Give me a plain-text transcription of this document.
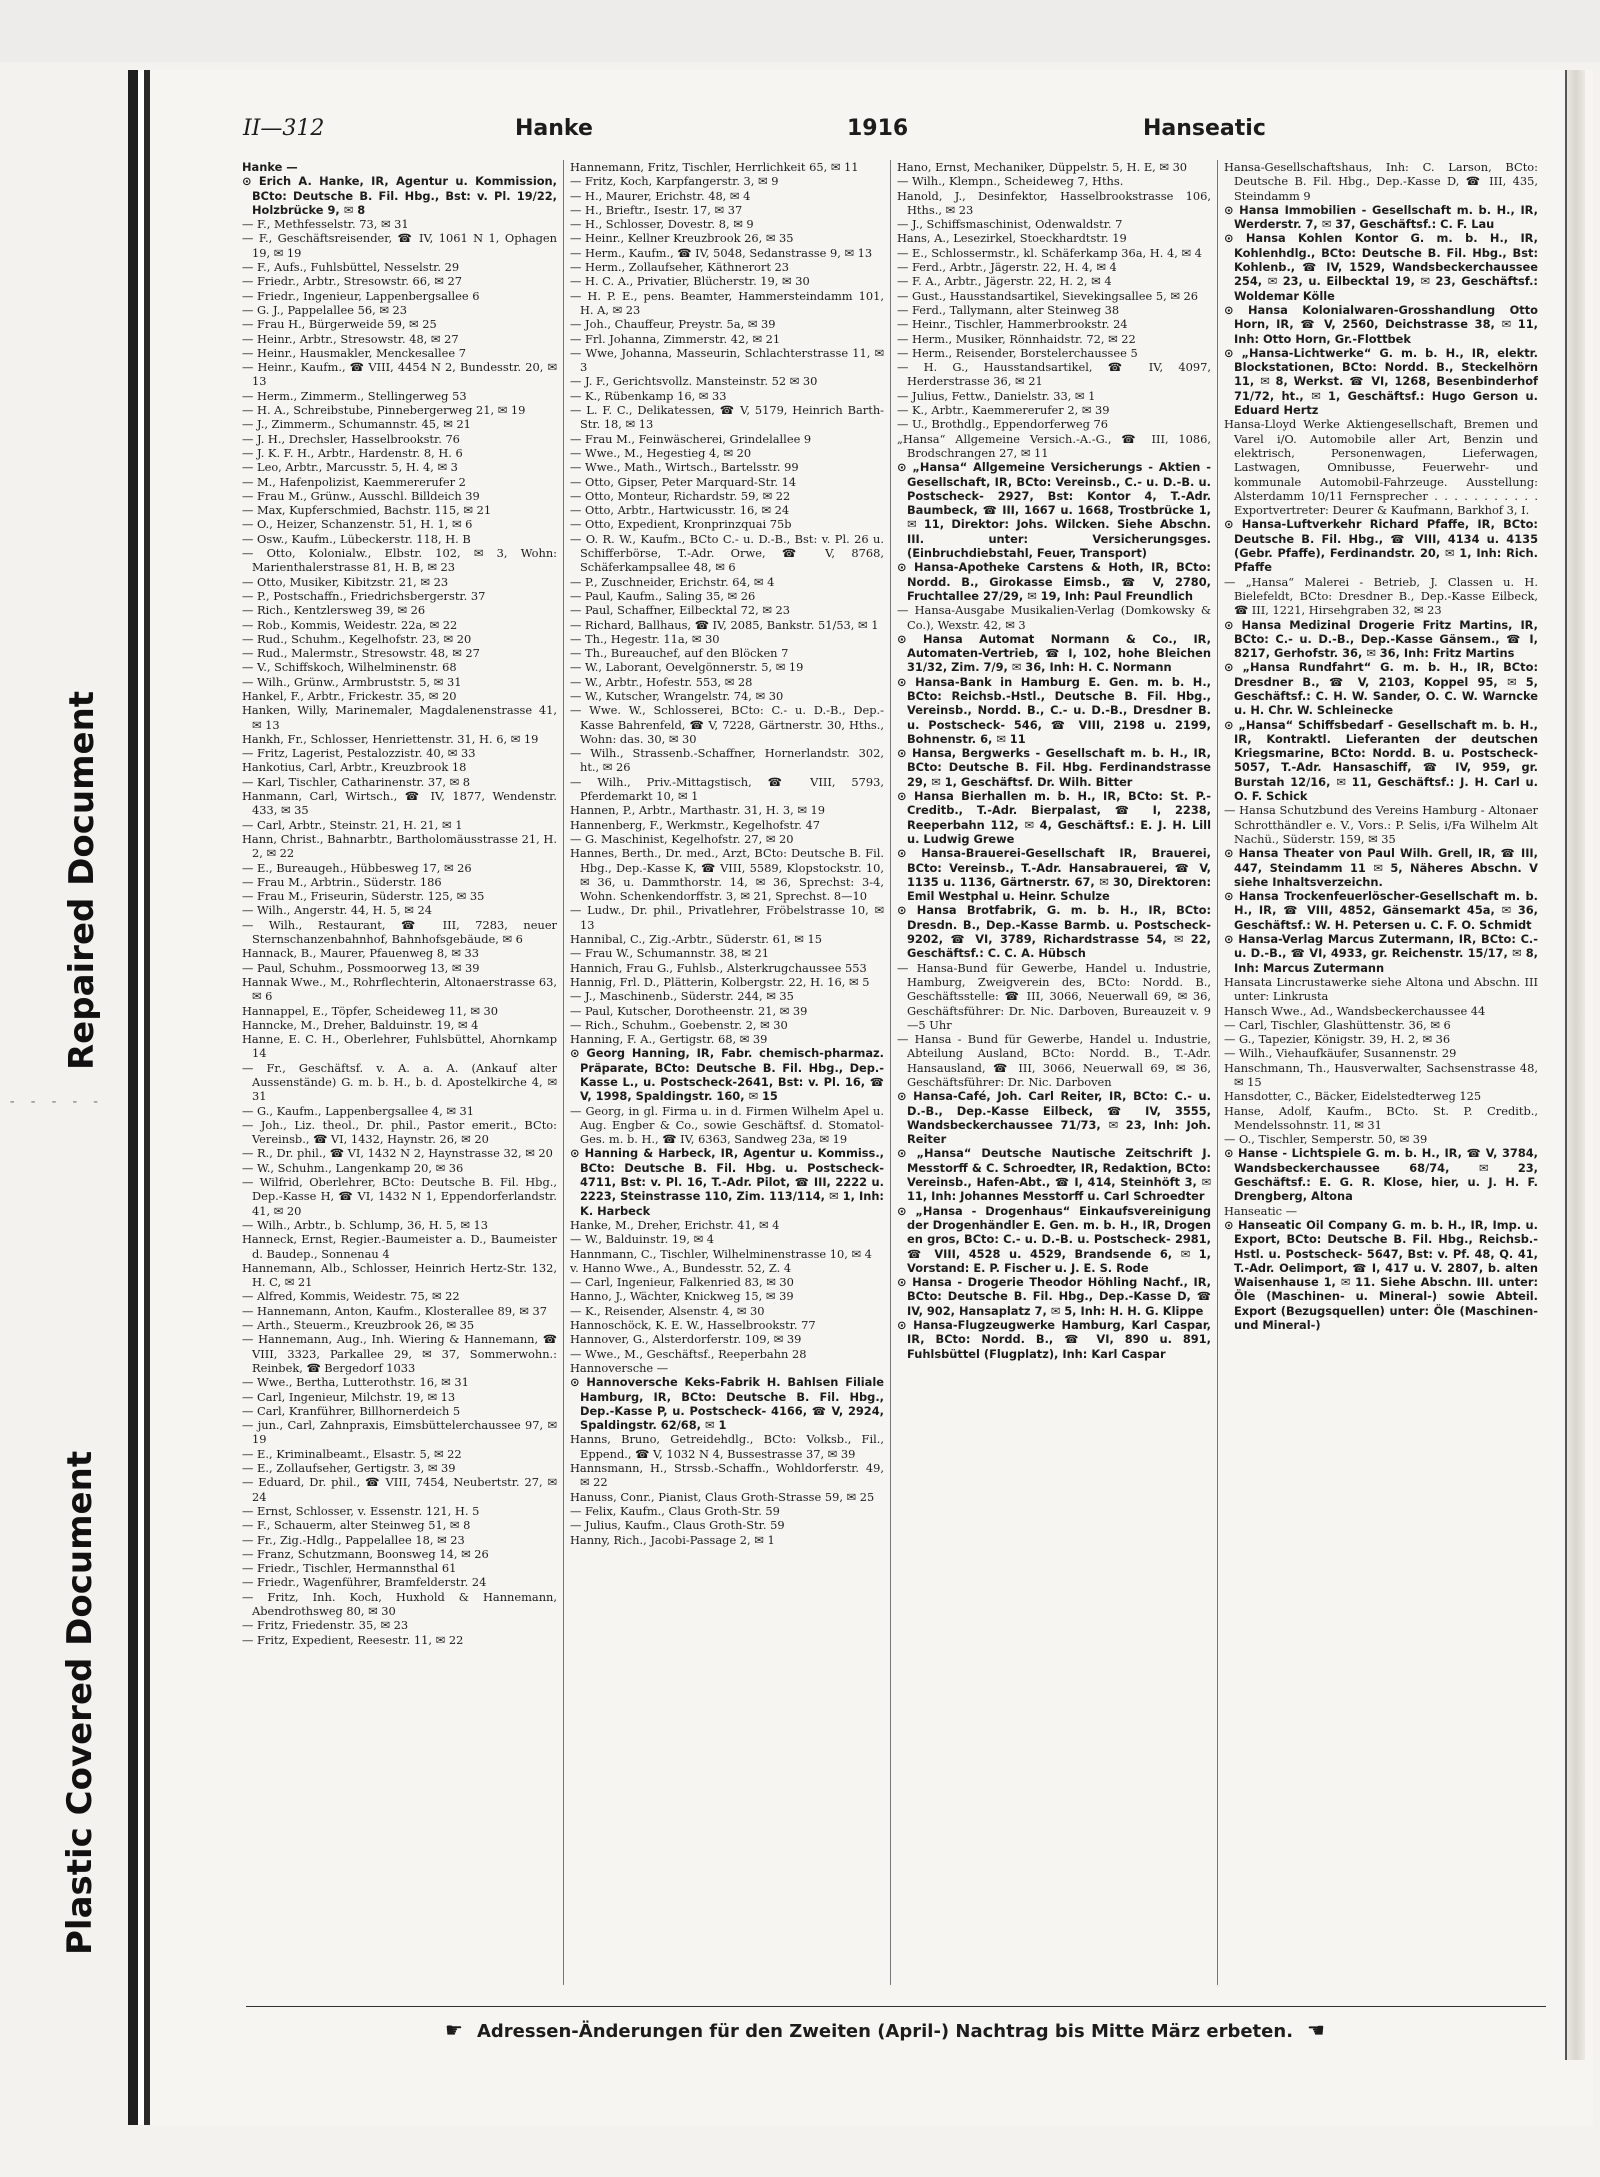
- - - - -
Repaired Document
Plastic Covered Document
II—312	Hanke	1916	Hanseatic

Hanke —

⊙ Erich A. Hanke, IR, Agentur u. Kommission, BCto: Deutsche B. Fil. Hbg., Bst: v. Pl. 19/22, Holzbrücke 9, ✉ 8

— F., Methfesselstr. 73, ✉ 31

— F., Geschäftsreisender, ☎ IV, 1061 N 1, Ophagen 19, ✉ 19

— F., Aufs., Fuhlsbüttel, Nesselstr. 29

— Friedr., Arbtr., Stresowstr. 66, ✉ 27

— Friedr., Ingenieur, Lappenbergsallee 6

— G. J., Pappelallee 56, ✉ 23

— Frau H., Bürgerweide 59, ✉ 25

— Heinr., Arbtr., Stresowstr. 48, ✉ 27

— Heinr., Hausmakler, Menckesallee 7

— Heinr., Kaufm., ☎ VIII, 4454 N 2, Bundesstr. 20, ✉ 13

— Herm., Zimmerm., Stellingerweg 53

— H. A., Schreibstube, Pinnebergerweg 21, ✉ 19

— J., Zimmerm., Schumannstr. 45, ✉ 21

— J. H., Drechsler, Hasselbrookstr. 76

— J. K. F. H., Arbtr., Hardenstr. 8, H. 6

— Leo, Arbtr., Marcusstr. 5, H. 4, ✉ 3

— M., Hafenpolizist, Kaemmererufer 2

— Frau M., Grünw., Ausschl. Billdeich 39

— Max, Kupferschmied, Bachstr. 115, ✉ 21

— O., Heizer, Schanzenstr. 51, H. 1, ✉ 6

— Osw., Kaufm., Lübeckerstr. 118, H. B

— Otto, Kolonialw., Elbstr. 102, ✉ 3, Wohn: Marienthalerstrasse 81, H. B, ✉ 23

— Otto, Musiker, Kibitzstr. 21, ✉ 23

— P., Postschaffn., Friedrichsbergerstr. 37

— Rich., Kentzlersweg 39, ✉ 26

— Rob., Kommis, Weidestr. 22a, ✉ 22

— Rud., Schuhm., Kegelhofstr. 23, ✉ 20

— Rud., Malermstr., Stresowstr. 48, ✉ 27

— V., Schiffskoch, Wilhelminenstr. 68

— Wilh., Grünw., Armbruststr. 5, ✉ 31

Hankel, F., Arbtr., Frickestr. 35, ✉ 20

Hanken, Willy, Marinemaler, Magdalenenstrasse 41, ✉ 13

Hankh, Fr., Schlosser, Henriettenstr. 31, H. 6, ✉ 19

— Fritz, Lagerist, Pestalozzistr. 40, ✉ 33

Hankotius, Carl, Arbtr., Kreuzbrook 18

— Karl, Tischler, Catharinenstr. 37, ✉ 8

Hanmann, Carl, Wirtsch., ☎ IV, 1877, Wendenstr. 433, ✉ 35

— Carl, Arbtr., Steinstr. 21, H. 21, ✉ 1

Hann, Christ., Bahnarbtr., Bartholomäusstrasse 21, H. 2, ✉ 22

— E., Bureaugeh., Hübbesweg 17, ✉ 26

— Frau M., Arbtrin., Süderstr. 186

— Frau M., Friseurin, Süderstr. 125, ✉ 35

— Wilh., Angerstr. 44, H. 5, ✉ 24

— Wilh., Restaurant, ☎ III, 7283, neuer Sternschanzenbahnhof, Bahnhofsgebäude, ✉ 6

Hannack, B., Maurer, Pfauenweg 8, ✉ 33

— Paul, Schuhm., Possmoorweg 13, ✉ 39

Hannak Wwe., M., Rohrflechterin, Altonaerstrasse 63, ✉ 6

Hannappel, E., Töpfer, Scheideweg 11, ✉ 30

Hanncke, M., Dreher, Balduinstr. 19, ✉ 4

Hanne, E. C. H., Oberlehrer, Fuhlsbüttel, Ahornkamp 14

— Fr., Geschäftsf. v. A. a. A. (Ankauf alter Aussenstände) G. m. b. H., b. d. Apostelkirche 4, ✉ 31

— G., Kaufm., Lappenbergsallee 4, ✉ 31

— Joh., Liz. theol., Dr. phil., Pastor emerit., BCto: Vereinsb., ☎ VI, 1432, Haynstr. 26, ✉ 20

— R., Dr. phil., ☎ VI, 1432 N 2, Haynstrasse 32, ✉ 20

— W., Schuhm., Langenkamp 20, ✉ 36

— Wilfrid, Oberlehrer, BCto: Deutsche B. Fil. Hbg., Dep.-Kasse H, ☎ VI, 1432 N 1, Eppendorferlandstr. 41, ✉ 20

— Wilh., Arbtr., b. Schlump, 36, H. 5, ✉ 13

Hanneck, Ernst, Regier.-Baumeister a. D., Baumeister d. Baudep., Sonnenau 4

Hannemann, Alb., Schlosser, Heinrich Hertz-Str. 132, H. C, ✉ 21

— Alfred, Kommis, Weidestr. 75, ✉ 22

— Hannemann, Anton, Kaufm., Klosterallee 89, ✉ 37

— Arth., Steuerm., Kreuzbrook 26, ✉ 35

— Hannemann, Aug., Inh. Wiering & Hannemann, ☎ VIII, 3323, Parkallee 29, ✉ 37, Sommerwohn.: Reinbek, ☎ Bergedorf 1033

— Wwe., Bertha, Lutterothstr. 16, ✉ 31

— Carl, Ingenieur, Milchstr. 19, ✉ 13

— Carl, Kranführer, Billhornerdeich 5

— jun., Carl, Zahnpraxis, Eimsbüttelerchaussee 97, ✉ 19

— E., Kriminalbeamt., Elsastr. 5, ✉ 22

— E., Zollaufseher, Gertigstr. 3, ✉ 39

— Eduard, Dr. phil., ☎ VIII, 7454, Neubertstr. 27, ✉ 24

— Ernst, Schlosser, v. Essenstr. 121, H. 5

— F., Schauerm, alter Steinweg 51, ✉ 8

— Fr., Zig.-Hdlg., Pappelallee 18, ✉ 23

— Franz, Schutzmann, Boonsweg 14, ✉ 26

— Friedr., Tischler, Hermannsthal 61

— Friedr., Wagenführer, Bramfelderstr. 24

— Fritz, Inh. Koch, Huxhold & Hannemann, Abendrothsweg 80, ✉ 30

— Fritz, Friedenstr. 35, ✉ 23

— Fritz, Expedient, Reesestr. 11, ✉ 22

Hannemann, Fritz, Tischler, Herrlichkeit 65, ✉ 11

— Fritz, Koch, Karpfangerstr. 3, ✉ 9

— H., Maurer, Erichstr. 48, ✉ 4

— H., Brieftr., Isestr. 17, ✉ 37

— H., Schlosser, Dovestr. 8, ✉ 9

— Heinr., Kellner Kreuzbrook 26, ✉ 35

— Herm., Kaufm., ☎ IV, 5048, Sedanstrasse 9, ✉ 13

— Herm., Zollaufseher, Käthnerort 23

— H. C. A., Privatier, Blücherstr. 19, ✉ 30

— H. P. E., pens. Beamter, Hammersteindamm 101, H. A, ✉ 23

— Joh., Chauffeur, Preystr. 5a, ✉ 39

— Frl. Johanna, Zimmerstr. 42, ✉ 21

— Wwe, Johanna, Masseurin, Schlachterstrasse 11, ✉ 3

— J. F., Gerichtsvollz. Mansteinstr. 52 ✉ 30

— K., Rübenkamp 16, ✉ 33

— L. F. C., Delikatessen, ☎ V, 5179, Heinrich Barth-Str. 18, ✉ 13

— Frau M., Feinwäscherei, Grindelallee 9

— Wwe., M., Hegestieg 4, ✉ 20

— Wwe., Math., Wirtsch., Bartelsstr. 99

— Otto, Gipser, Peter Marquard-Str. 14

— Otto, Monteur, Richardstr. 59, ✉ 22

— Otto, Arbtr., Hartwicusstr. 16, ✉ 24

— Otto, Expedient, Kronprinzquai 75b

— O. R. W., Kaufm., BCto C.- u. D.-B., Bst: v. Pl. 26 u. Schifferbörse, T.-Adr. Orwe, ☎ V, 8768, Schäferkampsallee 48, ✉ 6

— P., Zuschneider, Erichstr. 64, ✉ 4

— Paul, Kaufm., Saling 35, ✉ 26

— Paul, Schaffner, Eilbecktal 72, ✉ 23

— Richard, Ballhaus, ☎ IV, 2085, Bankstr. 51/53, ✉ 1

— Th., Hegestr. 11a, ✉ 30

— Th., Bureauchef, auf den Blöcken 7

— W., Laborant, Oevelgönnerstr. 5, ✉ 19

— W., Arbtr., Hofestr. 553, ✉ 28

— W., Kutscher, Wrangelstr. 74, ✉ 30

— Wwe. W., Schlosserei, BCto: C.- u. D.-B., Dep.-Kasse Bahrenfeld, ☎ V, 7228, Gärtnerstr. 30, Hths., Wohn: das. 30, ✉ 30

— Wilh., Strassenb.-Schaffner, Hornerlandstr. 302, ht., ✉ 26

— Wilh., Priv.-Mittagstisch, ☎ VIII, 5793, Pferdemarkt 10, ✉ 1

Hannen, P., Arbtr., Marthastr. 31, H. 3, ✉ 19

Hannenberg, F., Werkmstr., Kegelhofstr. 47

— G. Maschinist, Kegelhofstr. 27, ✉ 20

Hannes, Berth., Dr. med., Arzt, BCto: Deutsche B. Fil. Hbg., Dep.-Kasse K, ☎ VIII, 5589, Klopstockstr. 10, ✉ 36, u. Dammthorstr. 14, ✉ 36, Sprechst: 3-4, Wohn. Schenkendorffstr. 3, ✉ 21, Sprechst. 8—10

— Ludw., Dr. phil., Privatlehrer, Fröbelstrasse 10, ✉ 13

Hannibal, C., Zig.-Arbtr., Süderstr. 61, ✉ 15

— Frau W., Schumannstr. 38, ✉ 21

Hannich, Frau G., Fuhlsb., Alsterkrugchaussee 553

Hannig, Frl. D., Plätterin, Kolbergstr. 22, H. 16, ✉ 5

— J., Maschinenb., Süderstr. 244, ✉ 35

— Paul, Kutscher, Dorotheenstr. 21, ✉ 39

— Rich., Schuhm., Goebenstr. 2, ✉ 30

Hanning, F. A., Gertigstr. 68, ✉ 39

⊙ Georg Hanning, IR, Fabr. chemisch-pharmaz. Präparate, BCto: Deutsche B. Fil. Hbg., Dep.-Kasse L., u. Postscheck-2641, Bst: v. Pl. 16, ☎ V, 1998, Spaldingstr. 160, ✉ 15

— Georg, in gl. Firma u. in d. Firmen Wilhelm Apel u. Aug. Engber & Co., sowie Geschäftsf. d. Stomatol-Ges. m. b. H., ☎ IV, 6363, Sandweg 23a, ✉ 19

⊙ Hanning & Harbeck, IR, Agentur u. Kommiss., BCto: Deutsche B. Fil. Hbg. u. Postscheck- 4711, Bst: v. Pl. 16, T.-Adr. Pilot, ☎ III, 2222 u. 2223, Steinstrasse 110, Zim. 113/114, ✉ 1, Inh: K. Harbeck

Hanke, M., Dreher, Erichstr. 41, ✉ 4

— W., Balduinstr. 19, ✉ 4

Hannmann, C., Tischler, Wilhelminenstrasse 10, ✉ 4

v. Hanno Wwe., A., Bundesstr. 52, Z. 4

— Carl, Ingenieur, Falkenried 83, ✉ 30

Hanno, J., Wächter, Knickweg 15, ✉ 39

— K., Reisender, Alsenstr. 4, ✉ 30

Hannoschöck, K. E. W., Hasselbrookstr. 77

Hannover, G., Alsterdorferstr. 109, ✉ 39

— Wwe., M., Geschäftsf., Reeperbahn 28

Hannoversche —

⊙ Hannoversche Keks-Fabrik H. Bahlsen Filiale Hamburg, IR, BCto: Deutsche B. Fil. Hbg., Dep.-Kasse P, u. Postscheck- 4166, ☎ V, 2924, Spaldingstr. 62/68, ✉ 1

Hanns, Bruno, Getreidehdlg., BCto: Volksb., Fil., Eppend., ☎ V, 1032 N 4, Bussestrasse 37, ✉ 39

Hannsmann, H., Strssb.-Schaffn., Wohldorferstr. 49, ✉ 22

Hanuss, Conr., Pianist, Claus Groth-Strasse 59, ✉ 25

— Felix, Kaufm., Claus Groth-Str. 59

— Julius, Kaufm., Claus Groth-Str. 59

Hanny, Rich., Jacobi-Passage 2, ✉ 1

Hano, Ernst, Mechaniker, Düppelstr. 5, H. E, ✉ 30

— Wilh., Klempn., Scheideweg 7, Hths.

Hanold, J., Desinfektor, Hasselbrookstrasse 106, Hths., ✉ 23

— J., Schiffsmaschinist, Odenwaldstr. 7

Hans, A., Lesezirkel, Stoeckhardtstr. 19

— E., Schlossermstr., kl. Schäferkamp 36a, H. 4, ✉ 4

— Ferd., Arbtr., Jägerstr. 22, H. 4, ✉ 4

— F. A., Arbtr., Jägerstr. 22, H. 2, ✉ 4

— Gust., Hausstandsartikel, Sievekingsallee 5, ✉ 26

— Ferd., Tallymann, alter Steinweg 38

— Heinr., Tischler, Hammerbrookstr. 24

— Herm., Musiker, Rönnhaidstr. 72, ✉ 22

— Herm., Reisender, Borstelerchaussee 5

— H. G., Hausstandsartikel, ☎ IV, 4097, Herderstrasse 36, ✉ 21

— Julius, Fettw., Danielstr. 33, ✉ 1

— K., Arbtr., Kaemmererufer 2, ✉ 39

— U., Brothdlg., Eppendorferweg 76

„Hansa“ Allgemeine Versich.-A.-G., ☎ III, 1086, Brodschrangen 27, ✉ 11

⊙ „Hansa“ Allgemeine Versicherungs - Aktien - Gesellschaft, IR, BCto: Vereinsb., C.- u. D.-B. u. Postscheck- 2927, Bst: Kontor 4, T.-Adr. Baumbeck, ☎ III, 1667 u. 1668, Trostbrücke 1, ✉ 11, Direktor: Johs. Wilcken. Siehe Abschn. III. unter: Versicherungsges. (Einbruchdiebstahl, Feuer, Transport)

⊙ Hansa-Apotheke Carstens & Hoth, IR, BCto: Nordd. B., Girokasse Eimsb., ☎ V, 2780, Fruchtallee 27/29, ✉ 19, Inh: Paul Freundlich

— Hansa-Ausgabe Musikalien-Verlag (Domkowsky & Co.), Wexstr. 42, ✉ 3

⊙ Hansa Automat Normann & Co., IR, Automaten-Vertrieb, ☎ I, 102, hohe Bleichen 31/32, Zim. 7/9, ✉ 36, Inh: H. C. Normann

⊙ Hansa-Bank in Hamburg E. Gen. m. b. H., BCto: Reichsb.-Hstl., Deutsche B. Fil. Hbg., Vereinsb., Nordd. B., C.- u. D.-B., Dresdner B. u. Postscheck- 546, ☎ VIII, 2198 u. 2199, Bohnenstr. 6, ✉ 11

⊙ Hansa, Bergwerks - Gesellschaft m. b. H., IR, BCto: Deutsche B. Fil. Hbg. Ferdinandstrasse 29, ✉ 1, Geschäftsf. Dr. Wilh. Bitter

⊙ Hansa Bierhallen m. b. H., IR, BCto: St. P.-Creditb., T.-Adr. Bierpalast, ☎ I, 2238, Reeperbahn 112, ✉ 4, Geschäftsf.: E. J. H. Lill u. Ludwig Grewe

⊙ Hansa-Brauerei-Gesellschaft IR, Brauerei, BCto: Vereinsb., T.-Adr. Hansabrauerei, ☎ V, 1135 u. 1136, Gärtnerstr. 67, ✉ 30, Direktoren: Emil Westphal u. Heinr. Schulze

⊙ Hansa Brotfabrik, G. m. b. H., IR, BCto: Dresdn. B., Dep.-Kasse Barmb. u. Postscheck-9202, ☎ VI, 3789, Richardstrasse 54, ✉ 22, Geschäftsf.: C. C. A. Hübsch

— Hansa-Bund für Gewerbe, Handel u. Industrie, Hamburg, Zweigverein des, BCto: Nordd. B., Geschäftsstelle: ☎ III, 3066, Neuerwall 69, ✉ 36, Geschäftsführer: Dr. Nic. Darboven, Bureauzeit v. 9—5 Uhr

— Hansa - Bund für Gewerbe, Handel u. Industrie, Abteilung Ausland, BCto: Nordd. B., T.-Adr. Hansausland, ☎ III, 3066, Neuerwall 69, ✉ 36, Geschäftsführer: Dr. Nic. Darboven

⊙ Hansa-Café, Joh. Carl Reiter, IR, BCto: C.- u. D.-B., Dep.-Kasse Eilbeck, ☎ IV, 3555, Wandsbeckerchaussee 71/73, ✉ 23, Inh: Joh. Reiter

⊙ „Hansa“ Deutsche Nautische Zeitschrift J. Messtorff & C. Schroedter, IR, Redaktion, BCto: Vereinsb., Hafen-Abt., ☎ I, 414, Steinhöft 3, ✉ 11, Inh: Johannes Messtorff u. Carl Schroedter

⊙ „Hansa - Drogenhaus“ Einkaufsvereinigung der Drogenhändler E. Gen. m. b. H., IR, Drogen en gros, BCto: C.- u. D.-B. u. Postscheck- 2981, ☎ VIII, 4528 u. 4529, Brandsende 6, ✉ 1, Vorstand: E. P. Fischer u. J. E. S. Rode

⊙ Hansa - Drogerie Theodor Höhling Nachf., IR, BCto: Deutsche B. Fil. Hbg., Dep.-Kasse D, ☎ IV, 902, Hansaplatz 7, ✉ 5, Inh: H. H. G. Klippe

⊙ Hansa-Flugzeugwerke Hamburg, Karl Caspar, IR, BCto: Nordd. B., ☎ VI, 890 u. 891, Fuhlsbüttel (Flugplatz), Inh: Karl Caspar

Hansa-Gesellschaftshaus, Inh: C. Larson, BCto: Deutsche B. Fil. Hbg., Dep.-Kasse D, ☎ III, 435, Steindamm 9

⊙ Hansa Immobilien - Gesellschaft m. b. H., IR, Werderstr. 7, ✉ 37, Geschäftsf.: C. F. Lau

⊙ Hansa Kohlen Kontor G. m. b. H., IR, Kohlenhdlg., BCto: Deutsche B. Fil. Hbg., Bst: Kohlenb., ☎ IV, 1529, Wandsbeckerchaussee 254, ✉ 23, u. Eilbecktal 19, ✉ 23, Geschäftsf.: Woldemar Kölle

⊙ Hansa Kolonialwaren-Grosshandlung Otto Horn, IR, ☎ V, 2560, Deichstrasse 38, ✉ 11, Inh: Otto Horn, Gr.-Flottbek

⊙ „Hansa-Lichtwerke“ G. m. b. H., IR, elektr. Blockstationen, BCto: Nordd. B., Steckelhörn 11, ✉ 8, Werkst. ☎ VI, 1268, Besenbinderhof 71/72, ht., ✉ 1, Geschäftsf.: Hugo Gerson u. Eduard Hertz

Hansa-Lloyd Werke Aktiengesellschaft, Bremen und Varel i/O. Automobile aller Art, Benzin und elektrisch, Personenwagen, Lieferwagen, Lastwagen, Omnibusse, Feuerwehr- und kommunale Automobil-Fahrzeuge. Ausstellung: Alsterdamm 10/11 Fernsprecher . . . . . . . . . . . Exportvertreter: Deurer & Kaufmann, Barkhof 3, I.

⊙ Hansa-Luftverkehr Richard Pfaffe, IR, BCto: Deutsche B. Fil. Hbg., ☎ VIII, 4134 u. 4135 (Gebr. Pfaffe), Ferdinandstr. 20, ✉ 1, Inh: Rich. Pfaffe

— „Hansa“ Malerei - Betrieb, J. Classen u. H. Bielefeldt, BCto: Dresdner B., Dep.-Kasse Eilbeck, ☎ III, 1221, Hirsehgraben 32, ✉ 23

⊙ Hansa Medizinal Drogerie Fritz Martins, IR, BCto: C.- u. D.-B., Dep.-Kasse Gänsem., ☎ I, 8217, Gerhofstr. 36, ✉ 36, Inh: Fritz Martins

⊙ „Hansa Rundfahrt“ G. m. b. H., IR, BCto: Dresdner B., ☎ V, 2103, Koppel 95, ✉ 5, Geschäftsf.: C. H. W. Sander, O. C. W. Warncke u. H. Chr. W. Schleinecke

⊙ „Hansa“ Schiffsbedarf - Gesellschaft m. b. H., IR, Kontraktl. Lieferanten der deutschen Kriegsmarine, BCto: Nordd. B. u. Postscheck- 5057, T.-Adr. Hansaschiff, ☎ IV, 959, gr. Burstah 12/16, ✉ 11, Geschäftsf.: J. H. Carl u. O. F. Schick

— Hansa Schutzbund des Vereins Hamburg - Altonaer Schrotthändler e. V., Vors.: P. Selis, i/Fa Wilhelm Alt Nachü., Süderstr. 159, ✉ 35

⊙ Hansa Theater von Paul Wilh. Grell, IR, ☎ III, 447, Steindamm 11 ✉ 5, Näheres Abschn. V siehe Inhaltsverzeichn.

⊙ Hansa Trockenfeuerlöscher-Gesellschaft m. b. H., IR, ☎ VIII, 4852, Gänsemarkt 45a, ✉ 36, Geschäftsf.: W. H. Petersen u. C. F. O. Schmidt

⊙ Hansa-Verlag Marcus Zutermann, IR, BCto: C.- u. D.-B., ☎ VI, 4933, gr. Reichenstr. 15/17, ✉ 8, Inh: Marcus Zutermann

Hansata Lincrustawerke siehe Altona und Abschn. III unter: Linkrusta

Hansch Wwe., Ad., Wandsbeckerchaussee 44

— Carl, Tischler, Glashüttenstr. 36, ✉ 6

— G., Tapezier, Königstr. 39, H. 2, ✉ 36

— Wilh., Viehaufkäufer, Susannenstr. 29

Hanschmann, Th., Hausverwalter, Sachsenstrasse 48, ✉ 15

Hansdotter, C., Bäcker, Eidelstedterweg 125

Hanse, Adolf, Kaufm., BCto. St. P. Creditb., Mendelssohnstr. 11, ✉ 31

— O., Tischler, Semperstr. 50, ✉ 39

⊙ Hanse - Lichtspiele G. m. b. H., IR, ☎ V, 3784, Wandsbeckerchaussee 68/74, ✉ 23, Geschäftsf.: E. G. R. Klose, hier, u. J. H. F. Drengberg, Altona

Hanseatic —

⊙ Hanseatic Oil Company G. m. b. H., IR, Imp. u. Export, BCto: Deutsche B. Fil. Hbg., Reichsb.-Hstl. u. Postscheck- 5647, Bst: v. Pf. 48, Q. 41, T.-Adr. Oelimport, ☎ I, 417 u. V. 2807, b. alten Waisenhause 1, ✉ 11. Siehe Abschn. III. unter: Öle (Maschinen- u. Mineral-) sowie Abteil. Export (Bezugsquellen) unter: Öle (Maschinen- und Mineral-)

☛ Adressen-Änderungen für den Zweiten (April-) Nachtrag bis Mitte März erbeten. ☚
